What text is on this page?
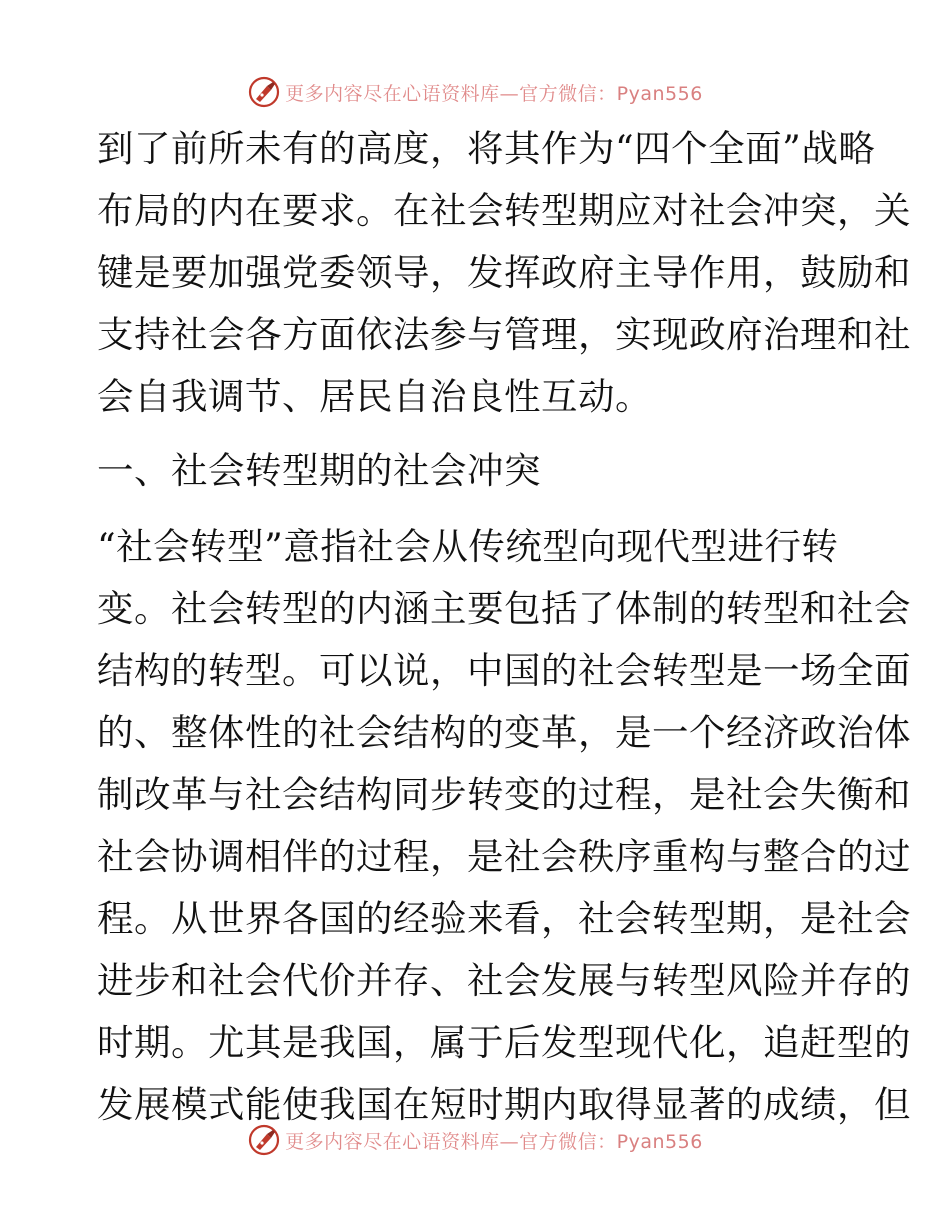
更多内容尽在心语资料库—官方微信：Pyan556
到了前所未有的高度，将其作为“四个全面”战略
布局的内在要求。在社会转型期应对社会冲突，关
键是要加强党委领导，发挥政府主导作用，鼓励和
支持社会各方面依法参与管理，实现政府治理和社
会自我调节、居民自治良性互动。
一、社会转型期的社会冲突
“社会转型”意指社会从传统型向现代型进行转
变。社会转型的内涵主要包括了体制的转型和社会
结构的转型。可以说，中国的社会转型是一场全面
的、整体性的社会结构的变革，是一个经济政治体
制改革与社会结构同步转变的过程，是社会失衡和
社会协调相伴的过程，是社会秩序重构与整合的过
程。从世界各国的经验来看，社会转型期，是社会
进步和社会代价并存、社会发展与转型风险并存的
时期。尤其是我国，属于后发型现代化，追赶型的
发展模式能使我国在短时期内取得显著的成绩，但
更多内容尽在心语资料库—官方微信：Pyan556
